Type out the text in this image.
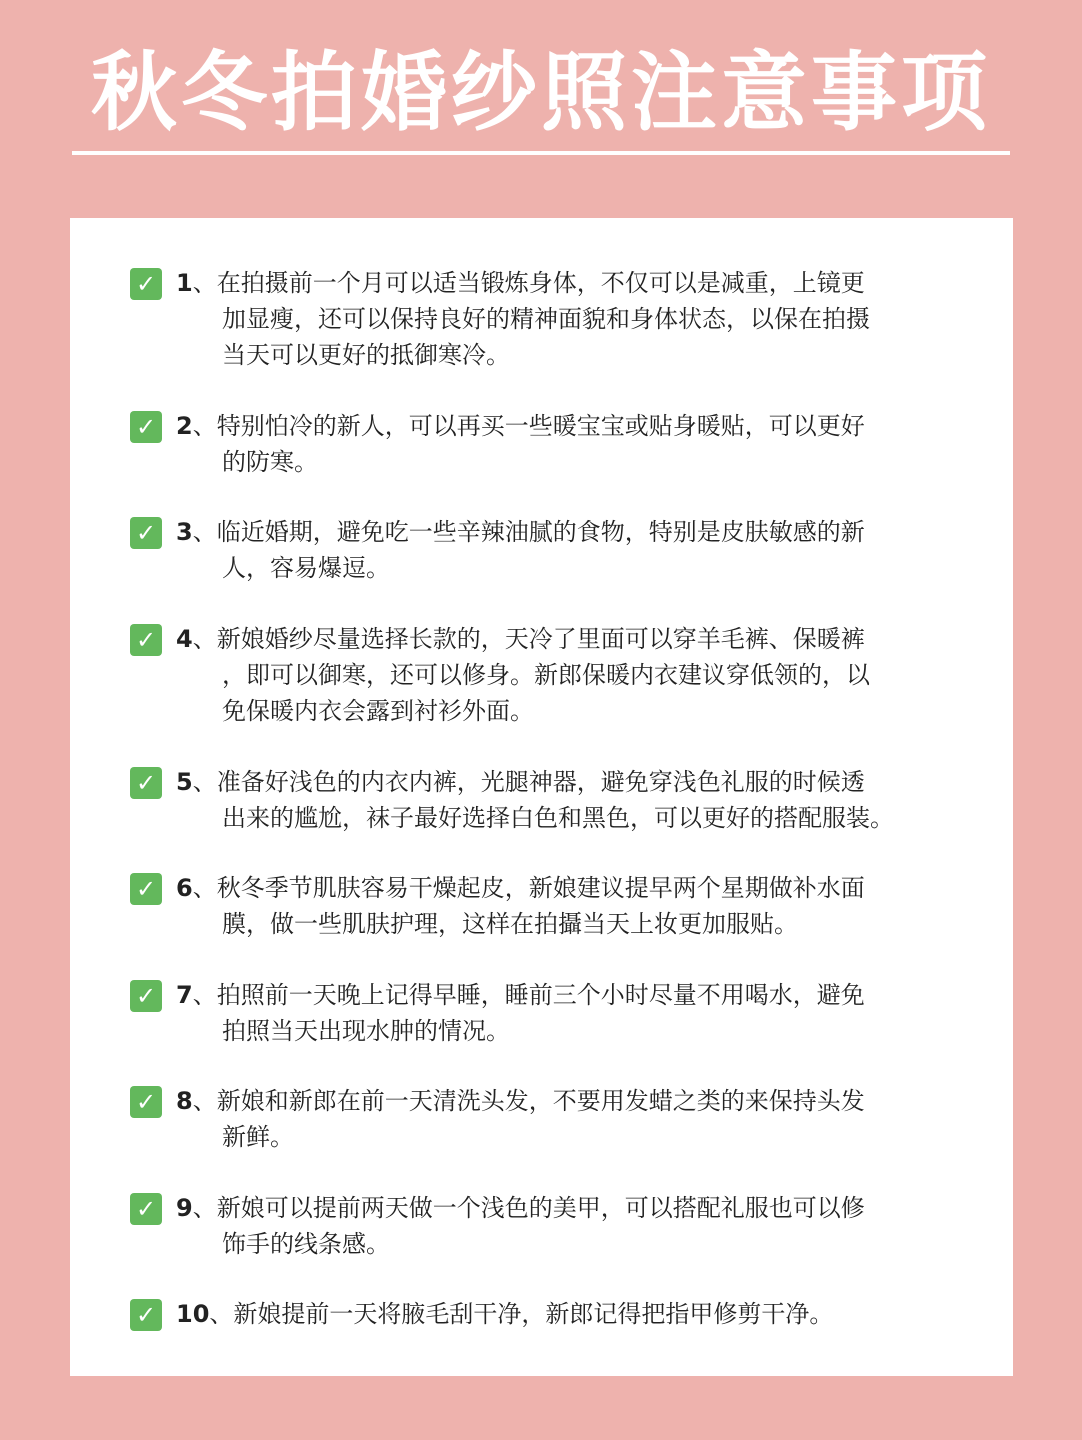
秋冬拍婚纱照注意事项
✓ 1、在拍摄前一个月可以适当锻炼身体，不仅可以是减重，上镜更
加显瘦，还可以保持良好的精神面貌和身体状态，以保在拍摄
当天可以更好的抵御寒冷。
✓ 2、特别怕冷的新人，可以再买一些暖宝宝或贴身暖贴，可以更好
的防寒。
✓ 3、临近婚期，避免吃一些辛辣油腻的食物，特别是皮肤敏感的新
人，容易爆逗。
✓ 4、新娘婚纱尽量选择长款的，天冷了里面可以穿羊毛裤、保暖裤
，即可以御寒，还可以修身。新郎保暖内衣建议穿低领的，以
免保暖内衣会露到衬衫外面。
✓ 5、准备好浅色的内衣内裤，光腿神器，避免穿浅色礼服的时候透
出来的尴尬，袜子最好选择白色和黑色，可以更好的搭配服装。
✓ 6、秋冬季节肌肤容易干燥起皮，新娘建议提早两个星期做补水面
膜，做一些肌肤护理，这样在拍攝当天上妆更加服贴。
✓ 7、拍照前一天晚上记得早睡，睡前三个小时尽量不用喝水，避免
拍照当天出现水肿的情况。
✓ 8、新娘和新郎在前一天清洗头发，不要用发蜡之类的来保持头发
新鲜。
✓ 9、新娘可以提前两天做一个浅色的美甲，可以搭配礼服也可以修
饰手的线条感。
✓ 10、新娘提前一天将腋毛刮干净，新郎记得把指甲修剪干净。
